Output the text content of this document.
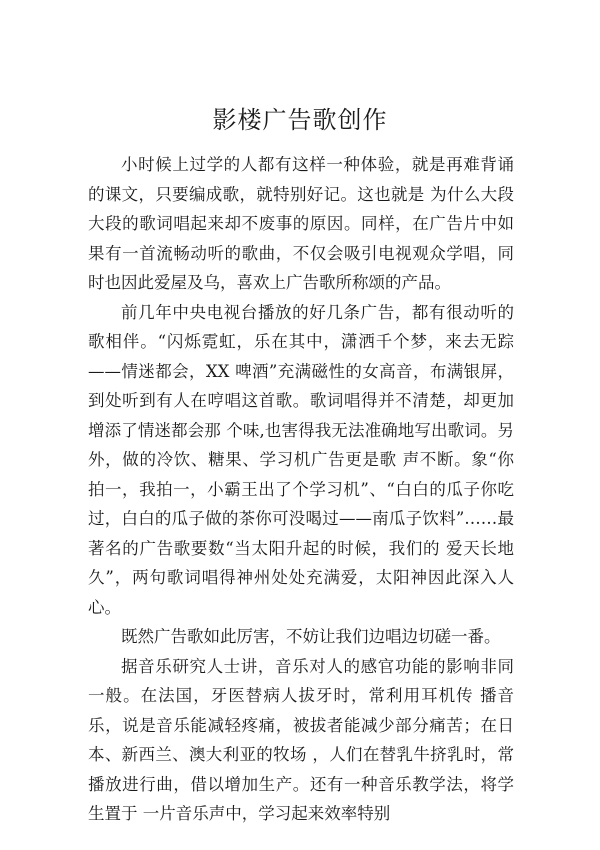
影楼广告歌创作

小时候上过学的人都有这样一种体验，就是再难背诵的课文，只要编成歌，就特别好记。这也就是 为什么大段大段的歌词唱起来却不废事的原因。同样，在广告片中如果有一首流畅动听的歌曲，不仅会吸引电视观众学唱，同时也因此爱屋及乌，喜欢上广告歌所称颂的产品。

前几年中央电视台播放的好几条广告，都有很动听的歌相伴。“闪烁霓虹，乐在其中，潇洒千个梦，来去无踪——情迷都会，XX 啤酒”充满磁性的女高音，布满银屏，到处听到有人在哼唱这首歌。歌词唱得并不清楚，却更加增添了情迷都会那 个味,也害得我无法准确地写出歌词。另外，做的冷饮、糖果、学习机广告更是歌 声不断。象“你拍一，我拍一，小霸王出了个学习机”、“白白的瓜子你吃过，白白的瓜子做的茶你可没喝过——南瓜子饮料”……最著名的广告歌要数“当太阳升起的时候，我们的 爱天长地久”，两句歌词唱得神州处处充满爱，太阳神因此深入人心。

既然广告歌如此厉害，不妨让我们边唱边切磋一番。

据音乐研究人士讲，音乐对人的感官功能的影响非同一般。在法国，牙医替病人拔牙时，常利用耳机传 播音乐，说是音乐能减轻疼痛，被拔者能减少部分痛苦；在日本、新西兰、澳大利亚的牧场 ，人们在替乳牛挤乳时，常播放进行曲，借以增加生产。还有一种音乐教学法，将学生置于 一片音乐声中，学习起来效率特别
